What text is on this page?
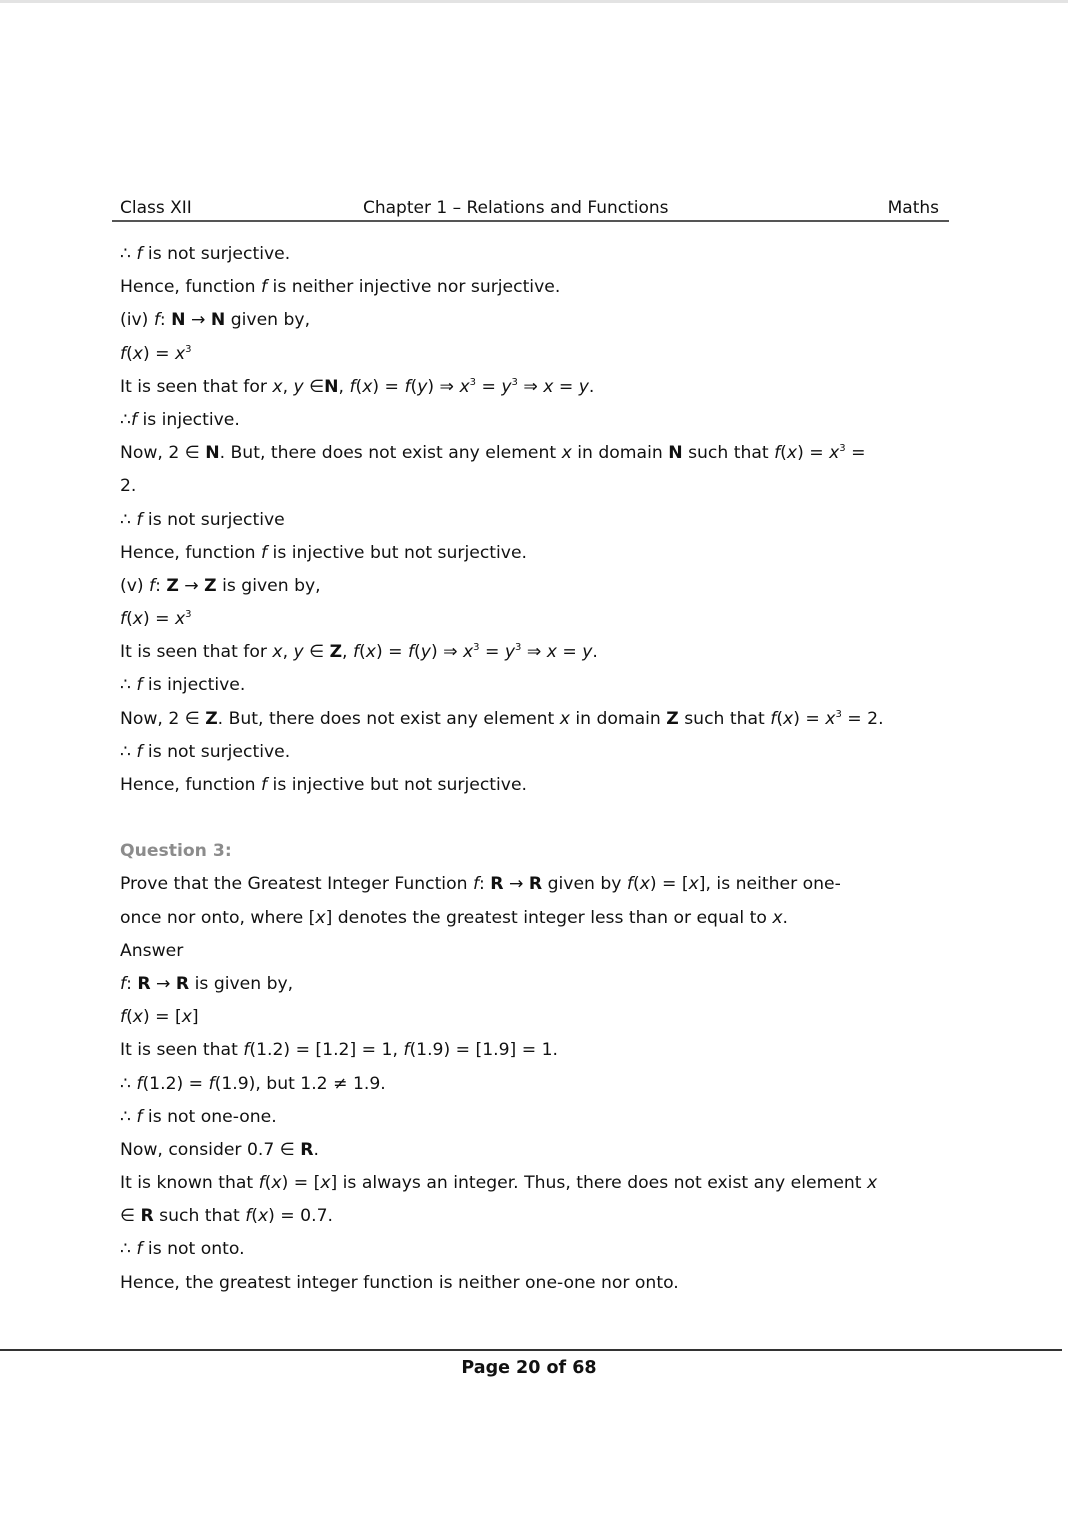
Class XII	Chapter 1 – Relations and Functions	Maths
∴ f is not surjective.
Hence, function f is neither injective nor surjective.
(iv) f: N → N given by,
$f(x) = x^3$
It is seen that for x, y ∈N, f(x) = f(y) ⇒ $x^3 = y^3$ ⇒ x = y.
∴f is injective.
Now, 2 ∈ N. But, there does not exist any element x in domain N such that $f(x) = x^3$ =
2.
∴ f is not surjective
Hence, function f is injective but not surjective.
(v) f: Z → Z is given by,
$f(x) = x^3$
It is seen that for x, y ∈ Z, f(x) = f(y) ⇒ $x^3 = y^3$ ⇒ x = y.
∴ f is injective.
Now, 2 ∈ Z. But, there does not exist any element x in domain Z such that $f(x) = x^3 = 2$.
∴ f is not surjective.
Hence, function f is injective but not surjective.
Question 3:
Prove that the Greatest Integer Function f: R → R given by f(x) = [x], is neither one-
once nor onto, where [x] denotes the greatest integer less than or equal to x.
Answer
f: R → R is given by,
f(x) = [x]
It is seen that f(1.2) = [1.2] = 1, f(1.9) = [1.9] = 1.
∴ f(1.2) = f(1.9), but 1.2 ≠ 1.9.
∴ f is not one-one.
Now, consider 0.7 ∈ R.
It is known that f(x) = [x] is always an integer. Thus, there does not exist any element x
∈ R such that f(x) = 0.7.
∴ f is not onto.
Hence, the greatest integer function is neither one-one nor onto.
Page 20 of 68
